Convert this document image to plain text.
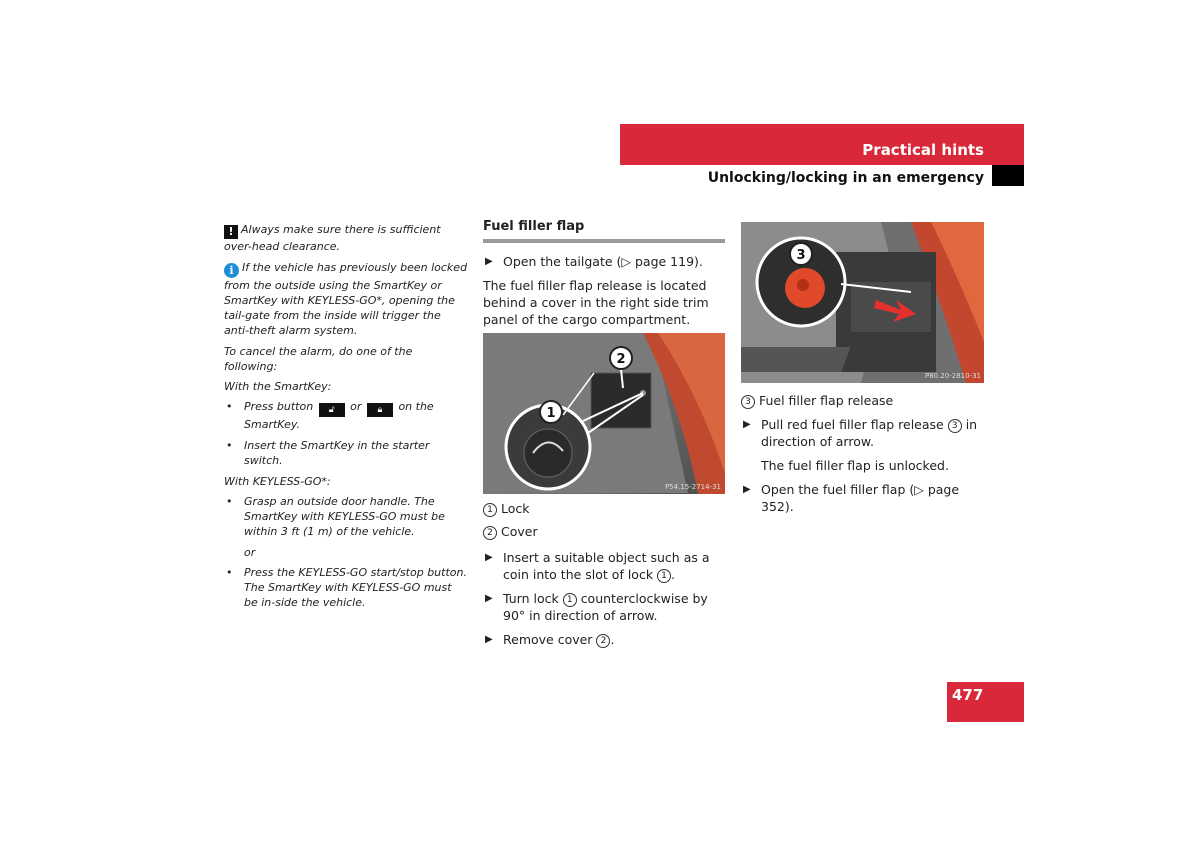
Practical hints
Unlocking/locking in an emergency

! Always make sure there is sufficient over-head clearance.

i If the vehicle has previously been locked from the outside using the SmartKey or SmartKey with KEYLESS-GO*, opening the tail-gate from the inside will trigger the anti-theft alarm system.

To cancel the alarm, do one of the following:

With the SmartKey:

• Press button 🔓︎ or 🔒︎ on the SmartKey.
• Insert the SmartKey in the starter switch.

With KEYLESS-GO*:

• Grasp an outside door handle. The SmartKey with KEYLESS-GO must be within 3 ft (1 m) of the vehicle.

or

• Press the KEYLESS-GO start/stop button. The SmartKey with KEYLESS-GO must be in-side the vehicle.

Fuel filler flap

▶ Open the tailgate (▷ page 119).

The fuel filler flap release is located behind a cover in the right side trim panel of the cargo compartment.

1
2
P54.15-2714-31
1 Lock
2 Cover
▶ Insert a suitable object such as a coin into the slot of lock 1 .
▶ Turn lock 1 counterclockwise by 90° in direction of arrow.
▶ Remove cover 2 .
3
P80.20-2810-31
3 Fuel filler flap release
▶ Pull red fuel filler flap release 3 in direction of arrow.

The fuel filler flap is unlocked.

▶ Open the fuel filler flap (▷ page 352).
477
